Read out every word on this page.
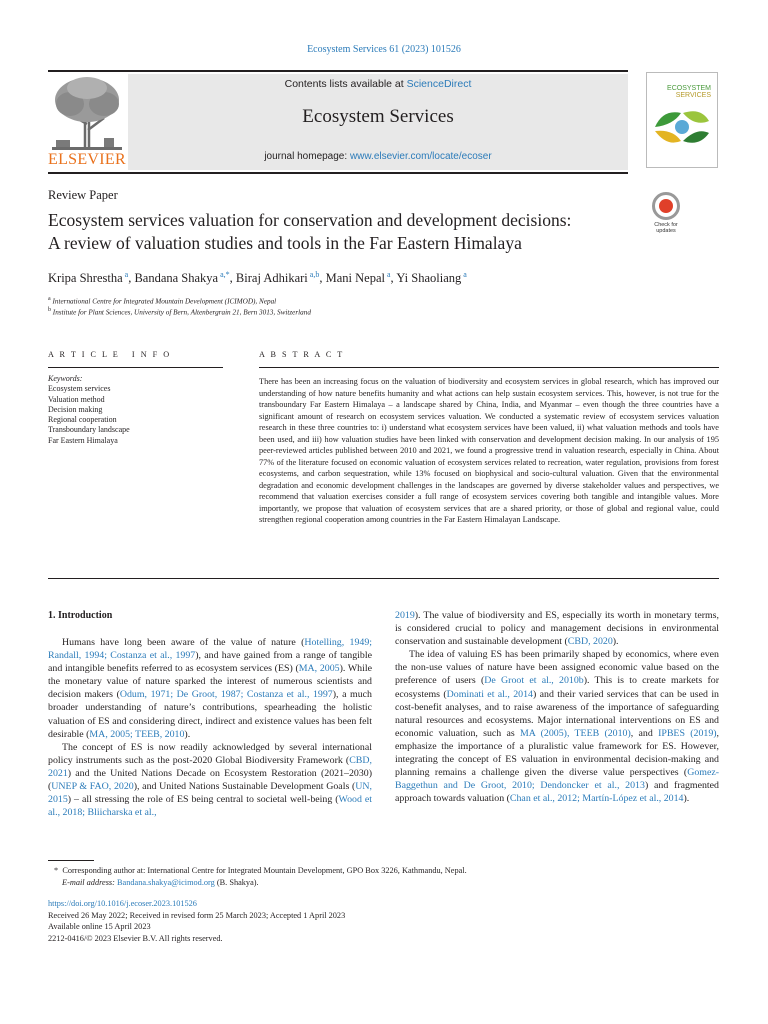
Ecosystem Services 61 (2023) 101526
ELSEVIER
Contents lists available at ScienceDirect
Ecosystem Services
journal homepage: www.elsevier.com/locate/ecoser
ECOSYSTEM
SERVICES
Review Paper
Ecosystem services valuation for conservation and development decisions:
A review of valuation studies and tools in the Far Eastern Himalaya
Check for
updates
Kripa Shrestha $^a$, Bandana Shakya $^{a,*}$, Biraj Adhikari $^{a,b}$, Mani Nepal $^a$, Yi Shaoliang $^a$
$^a$ International Centre for Integrated Mountain Development (ICIMOD), Nepal
$^b$ Institute for Plant Sciences, University of Bern, Altenbergrain 21, Bern 3013, Switzerland
A R T I C L E   I N F O	A B S T R A C T
Keywords:
Ecosystem services
Valuation method
Decision making
Regional cooperation
Transboundary landscape
Far Eastern Himalaya
There has been an increasing focus on the valuation of biodiversity and ecosystem services in global research, which has improved our understanding of how nature benefits humanity and what actions can help sustain ecosystem services. This, however, is not true for the transboundary Far Eastern Himalaya – a landscape shared by China, India, and Myanmar – even though the three countries have a significant amount of research on ecosystem services valuation. We conducted a systematic review of ecosystem services valuation research in these three countries to: i) understand what ecosystem services have been valued, ii) what valuation methods and tools have been used, and iii) how valuation studies have been linked with conservation and development decision making. In our analysis of 195 peer-reviewed articles published between 2010 and 2021, we found a progressive trend in valuation research, especially in China. About 77% of the literature focused on economic valuation of ecosystem services related to recreation, water regulation, provisions from forest ecosystems, and carbon sequestration, while 13% focused on biophysical and socio-cultural valuation. Given that the environmental degradation and economic development challenges in the landscapes are governed by diverse stakeholder values and perspectives, we recommend that valuation exercises consider a full range of ecosystem services covering both tangible and intangible values. More importantly, we propose that valuation of ecosystem services that are a shared priority, or those of global and regional value, could strengthen regional cooperation among countries in the Far Eastern Himalayan Landscape.
1. Introduction

Humans have long been aware of the value of nature (Hotelling, 1949; Randall, 1994; Costanza et al., 1997), and have gained from a range of tangible and intangible benefits referred to as ecosystem services (ES) (MA, 2005). While the monetary value of nature sparked the interest of numerous scientists and decision makers (Odum, 1971; De Groot, 1987; Costanza et al., 1997), a much broader understanding of nature’s contributions, spearheading the holistic valuation of ES and considering direct, indirect and existence values has been felt desirable (MA, 2005; TEEB, 2010).

The concept of ES is now readily acknowledged by several international policy instruments such as the post-2020 Global Biodiversity Framework (CBD, 2021) and the United Nations Decade on Ecosystem Restoration (2021–2030) (UNEP & FAO, 2020), and United Nations Sustainable Development Goals (UN, 2015) – all stressing the role of ES being central to societal well-being (Wood et al., 2018; Bliicharska et al.,

2019). The value of biodiversity and ES, especially its worth in monetary terms, is considered crucial to policy and management decisions in environmental conservation and sustainable development (CBD, 2020).

The idea of valuing ES has been primarily shaped by economics, where even the non-use values of nature have been assigned economic value based on the preference of users (De Groot et al., 2010b). This is to create markets for ecosystems (Dominati et al., 2014) and their varied services that can be used in cost-benefit analyses, and to raise awareness of the importance of safeguarding natural resources and ecosystems. Major international interventions on ES and economic valuation, such as MA (2005), TEEB (2010), and IPBES (2019), emphasize the importance of a pluralistic value framework for ES. However, integrating the concept of ES valuation in environmental decision-making and planning remains a challenge given the diverse value perspectives (Gomez-Baggethun and De Groot, 2010; Dendoncker et al., 2013) and fragmented approach towards valuation (Chan et al., 2012; Martín-López et al., 2014).

* Corresponding author at: International Centre for Integrated Mountain Development, GPO Box 3226, Kathmandu, Nepal.
E-mail address: Bandana.shakya@icimod.org (B. Shakya).
https://doi.org/10.1016/j.ecoser.2023.101526
Received 26 May 2022; Received in revised form 25 March 2023; Accepted 1 April 2023
Available online 15 April 2023
2212-0416/© 2023 Elsevier B.V. All rights reserved.
